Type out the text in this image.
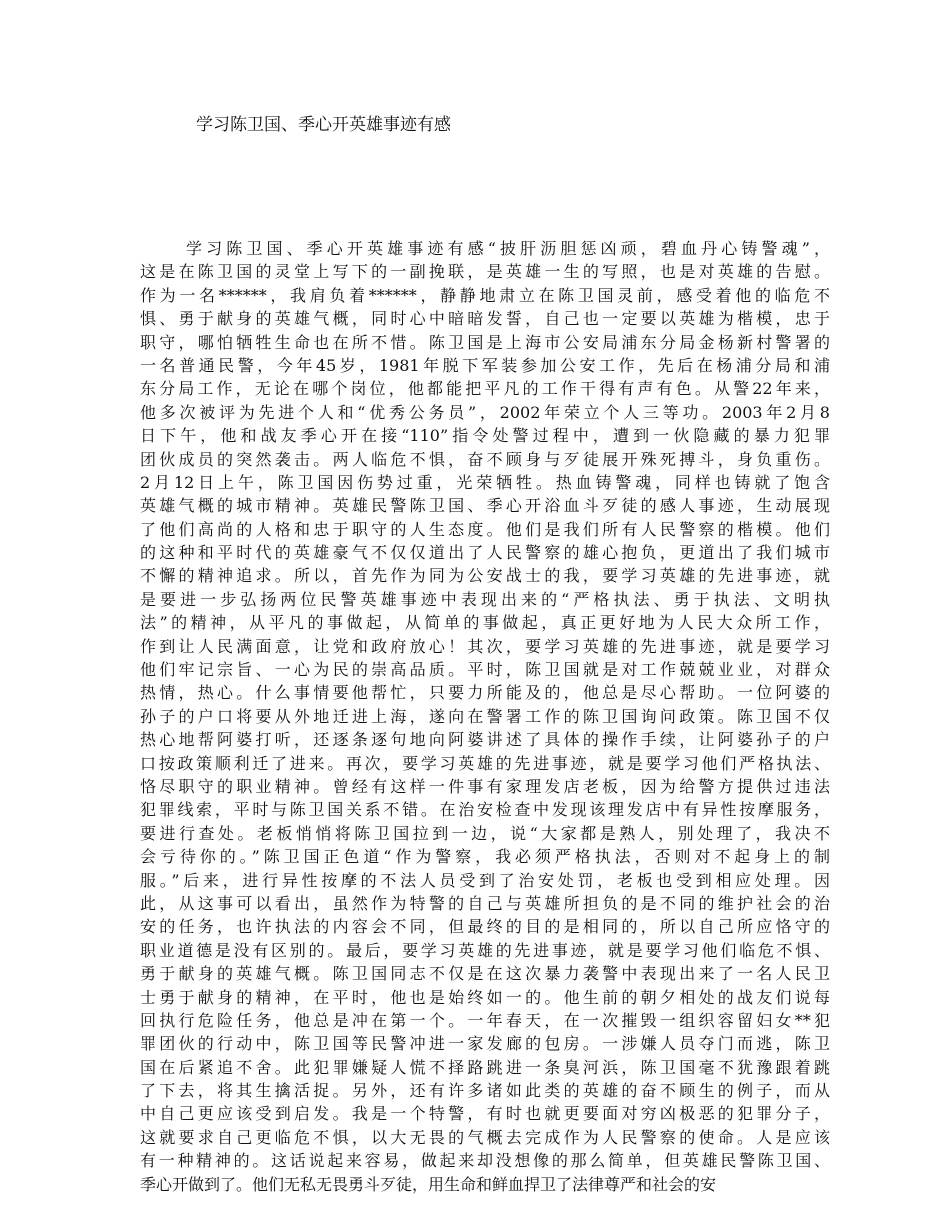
学习陈卫国、季心开英雄事迹有感
学习陈卫国、季心开英雄事迹有感“披肝沥胆惩凶顽，碧血丹心铸警魂”，
这是在陈卫国的灵堂上写下的一副挽联，是英雄一生的写照，也是对英雄的告慰。
作为一名******，我肩负着******，静静地肃立在陈卫国灵前，感受着他的临危不
惧、勇于献身的英雄气概，同时心中暗暗发誓，自己也一定要以英雄为楷模，忠于
职守，哪怕牺牲生命也在所不惜。陈卫国是上海市公安局浦东分局金杨新村警署的
一名普通民警，今年45岁，1981年脱下军装参加公安工作，先后在杨浦分局和浦
东分局工作，无论在哪个岗位，他都能把平凡的工作干得有声有色。从警22年来，
他多次被评为先进个人和“优秀公务员”，2002年荣立个人三等功。2003年2月8
日下午，他和战友季心开在接“110”指令处警过程中，遭到一伙隐藏的暴力犯罪
团伙成员的突然袭击。两人临危不惧，奋不顾身与歹徒展开殊死搏斗，身负重伤。
2月12日上午，陈卫国因伤势过重，光荣牺牲。热血铸警魂，同样也铸就了饱含
英雄气概的城市精神。英雄民警陈卫国、季心开浴血斗歹徒的感人事迹，生动展现
了他们高尚的人格和忠于职守的人生态度。他们是我们所有人民警察的楷模。他们
的这种和平时代的英雄豪气不仅仅道出了人民警察的雄心抱负，更道出了我们城市
不懈的精神追求。所以，首先作为同为公安战士的我，要学习英雄的先进事迹，就
是要进一步弘扬两位民警英雄事迹中表现出来的“严格执法、勇于执法、文明执
法”的精神，从平凡的事做起，从简单的事做起，真正更好地为人民大众所工作，
作到让人民满面意，让党和政府放心！其次，要学习英雄的先进事迹，就是要学习
他们牢记宗旨、一心为民的崇高品质。平时，陈卫国就是对工作兢兢业业，对群众
热情，热心。什么事情要他帮忙，只要力所能及的，他总是尽心帮助。一位阿婆的
孙子的户口将要从外地迁进上海，遂向在警署工作的陈卫国询问政策。陈卫国不仅
热心地帮阿婆打听，还逐条逐句地向阿婆讲述了具体的操作手续，让阿婆孙子的户
口按政策顺利迁了进来。再次，要学习英雄的先进事迹，就是要学习他们严格执法、
恪尽职守的职业精神。曾经有这样一件事有家理发店老板，因为给警方提供过违法
犯罪线索，平时与陈卫国关系不错。在治安检查中发现该理发店中有异性按摩服务，
要进行查处。老板悄悄将陈卫国拉到一边，说“大家都是熟人，别处理了，我决不
会亏待你的。”陈卫国正色道“作为警察，我必须严格执法，否则对不起身上的制
服。”后来，进行异性按摩的不法人员受到了治安处罚，老板也受到相应处理。因
此，从这事可以看出，虽然作为特警的自己与英雄所担负的是不同的维护社会的治
安的任务，也许执法的内容会不同，但最终的目的是相同的，所以自己所应恪守的
职业道德是没有区别的。最后，要学习英雄的先进事迹，就是要学习他们临危不惧、
勇于献身的英雄气概。陈卫国同志不仅是在这次暴力袭警中表现出来了一名人民卫
士勇于献身的精神，在平时，他也是始终如一的。他生前的朝夕相处的战友们说每
回执行危险任务，他总是冲在第一个。一年春天，在一次摧毁一组织容留妇女**犯
罪团伙的行动中，陈卫国等民警冲进一家发廊的包房。一涉嫌人员夺门而逃，陈卫
国在后紧追不舍。此犯罪嫌疑人慌不择路跳进一条臭河浜，陈卫国毫不犹豫跟着跳
了下去，将其生擒活捉。另外，还有许多诸如此类的英雄的奋不顾生的例子，而从
中自己更应该受到启发。我是一个特警，有时也就更要面对穷凶极恶的犯罪分子，
这就要求自己更临危不惧，以大无畏的气概去完成作为人民警察的使命。人是应该
有一种精神的。这话说起来容易，做起来却没想像的那么简单，但英雄民警陈卫国、
季心开做到了。他们无私无畏勇斗歹徒，用生命和鲜血捍卫了法律尊严和社会的安
